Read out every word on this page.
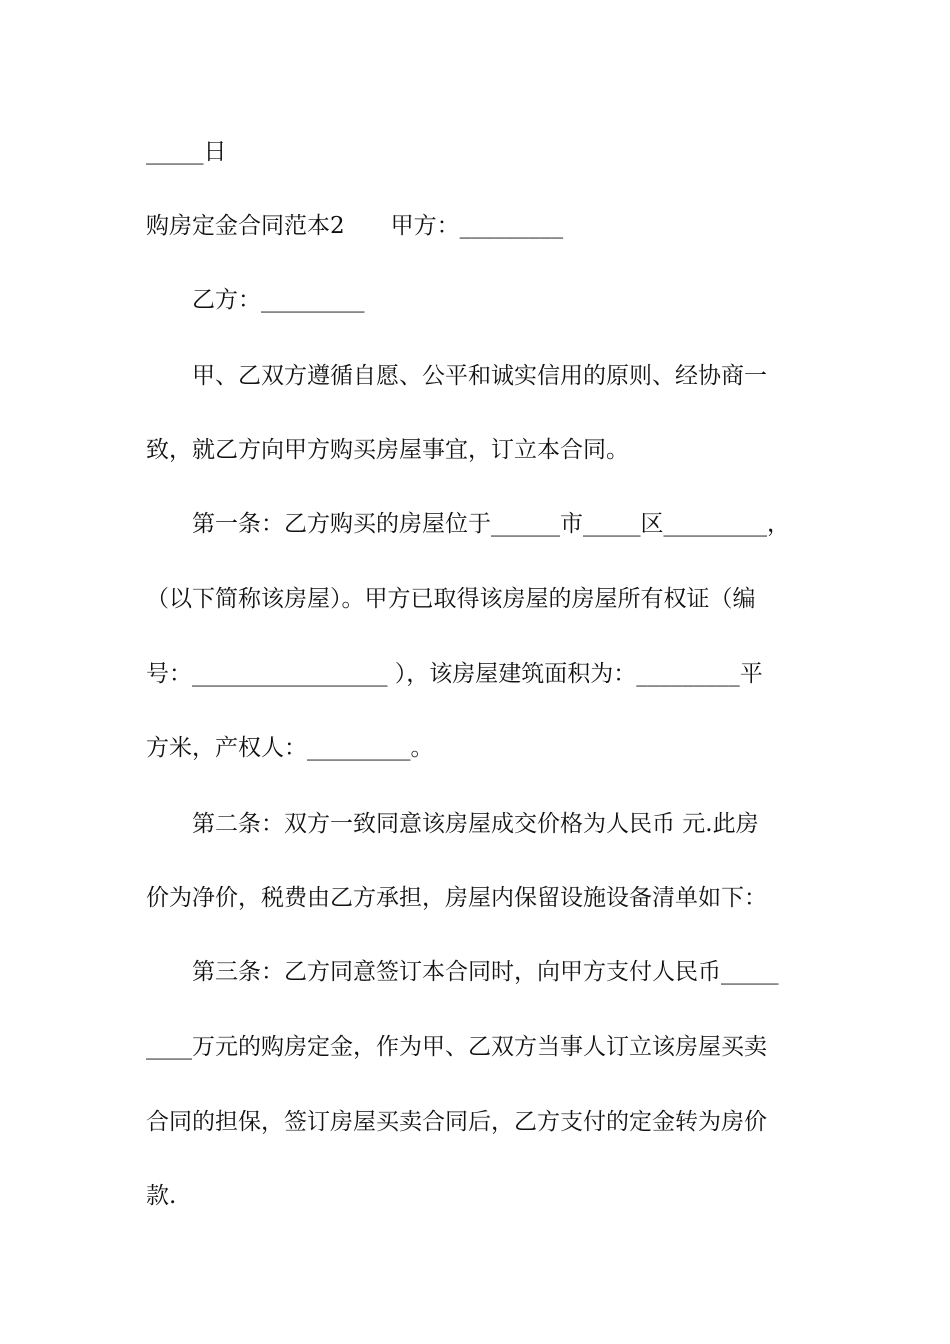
_____日
购房定金合同范本2　　甲方：_________
　　乙方：_________
　　甲、乙双方遵循自愿、公平和诚实信用的原则、经协商一
致，就乙方向甲方购买房屋事宜，订立本合同。
　　第一条：乙方购买的房屋位于______市_____区_________，
（以下简称该房屋）。甲方已取得该房屋的房屋所有权证（编
号：_________________ ），该房屋建筑面积为：_________平
方米，产权人：_________。
　　第二条：双方一致同意该房屋成交价格为人民币 元.此房
价为净价，税费由乙方承担，房屋内保留设施设备清单如下：
　　第三条：乙方同意签订本合同时，向甲方支付人民币_____
____万元的购房定金，作为甲、乙双方当事人订立该房屋买卖
合同的担保，签订房屋买卖合同后，乙方支付的定金转为房价
款.
